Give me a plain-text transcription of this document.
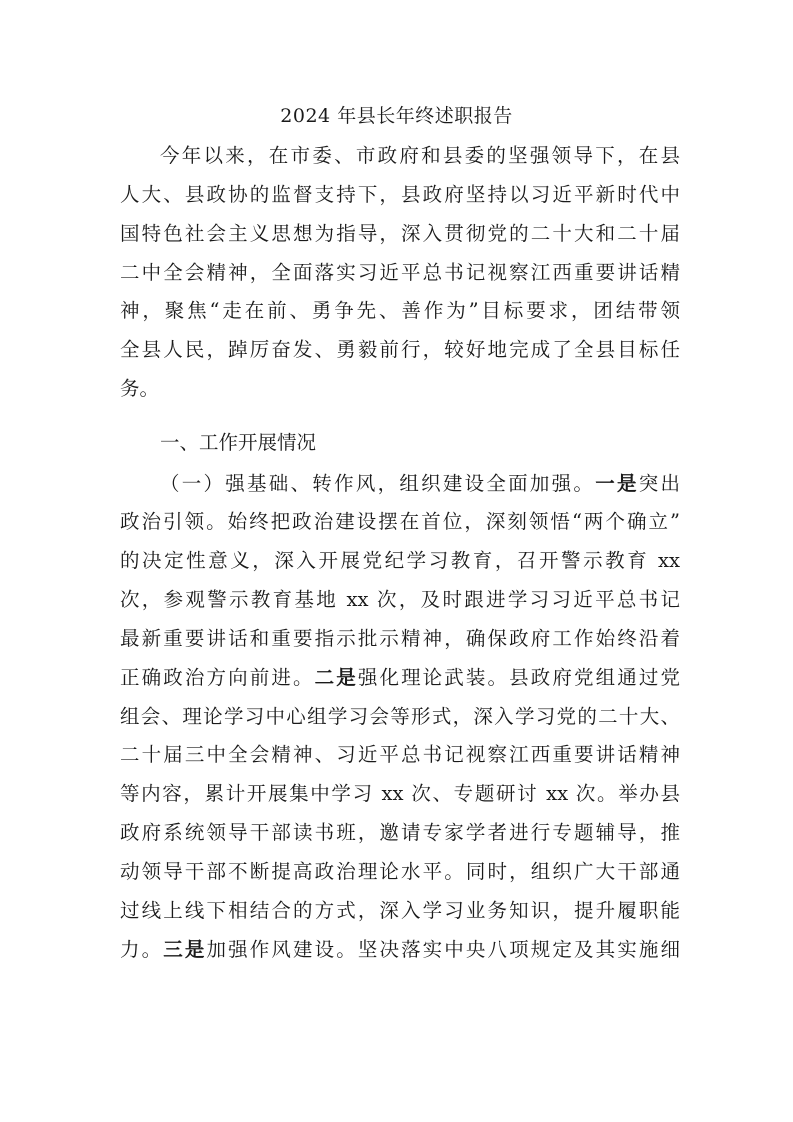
2024 年县长年终述职报告
今年以来，在市委、市政府和县委的坚强领导下，在县
人大、县政协的监督支持下，县政府坚持以习近平新时代中
国特色社会主义思想为指导，深入贯彻党的二十大和二十届
二中全会精神，全面落实习近平总书记视察江西重要讲话精
神，聚焦“走在前、勇争先、善作为”目标要求，团结带领
全县人民，踔厉奋发、勇毅前行，较好地完成了全县目标任
务。
一、工作开展情况
（一）强基础、转作风，组织建设全面加强。一是突出
政治引领。始终把政治建设摆在首位，深刻领悟“两个确立”
的决定性意义，深入开展党纪学习教育，召开警示教育 xx
次，参观警示教育基地 xx 次，及时跟进学习习近平总书记
最新重要讲话和重要指示批示精神，确保政府工作始终沿着
正确政治方向前进。二是强化理论武装。县政府党组通过党
组会、理论学习中心组学习会等形式，深入学习党的二十大、
二十届三中全会精神、习近平总书记视察江西重要讲话精神
等内容，累计开展集中学习 xx 次、专题研讨 xx 次。举办县
政府系统领导干部读书班，邀请专家学者进行专题辅导，推
动领导干部不断提高政治理论水平。同时，组织广大干部通
过线上线下相结合的方式，深入学习业务知识，提升履职能
力。三是加强作风建设。坚决落实中央八项规定及其实施细
